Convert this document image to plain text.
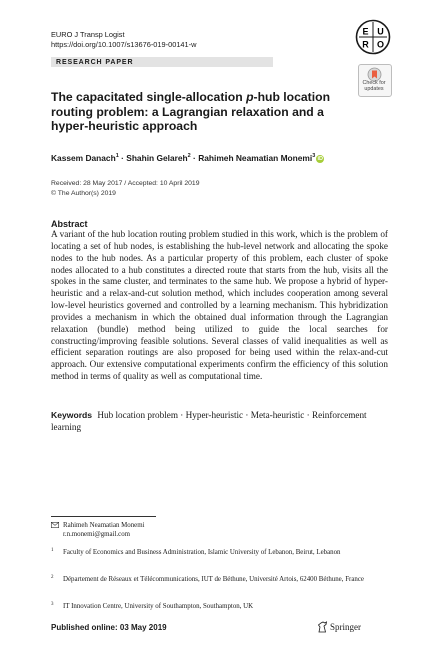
EURO J Transp Logist
https://doi.org/10.1007/s13676-019-00141-w
E U
R O
RESEARCH PAPER
Check for
updates
The capacitated single-allocation p-hub location routing problem: a Lagrangian relaxation and a hyper-heuristic approach
Kassem Danach$^1$ · Shahin Gelareh$^2$ · Rahimeh Neamatian Monemi$^3$ iD
Received: 28 May 2017 / Accepted: 10 April 2019
© The Author(s) 2019
Abstract
A variant of the hub location routing problem studied in this work, which is the problem of locating a set of hub nodes, is establishing the hub-level network and allocating the spoke nodes to the hub nodes. As a particular property of this problem, each cluster of spoke nodes allocated to a hub constitutes a directed route that starts from the hub, visits all the spokes in the same cluster, and terminates to the same hub. We propose a hybrid of hyper-heuristic and a relax-and-cut solution method, which includes cooperation among several low-level heuristics governed and controlled by a learning mechanism. This hybridization provides a mechanism in which the obtained dual information through the Lagrangian relaxation (bundle) method being utilized to guide the local searches for constructing/improving feasible solutions. Several classes of valid inequalities as well as efficient separation routings are also proposed for being used within the relax-and-cut approach. Our extensive computational experiments confirm the efficiency of this solution method in terms of quality as well as computational time.
Keywords Hub location problem · Hyper-heuristic · Meta-heuristic · Reinforcement learning
Rahimeh Neamatian Monemi
r.n.monemi@gmail.com
1 Faculty of Economics and Business Administration, Islamic University of Lebanon, Beirut, Lebanon
2 Département de Réseaux et Télécommunications, IUT de Béthune, Université Artois, 62400 Béthune, France
3 IT Innovation Centre, University of Southampton, Southampton, UK
Published online: 03 May 2019	Springer
